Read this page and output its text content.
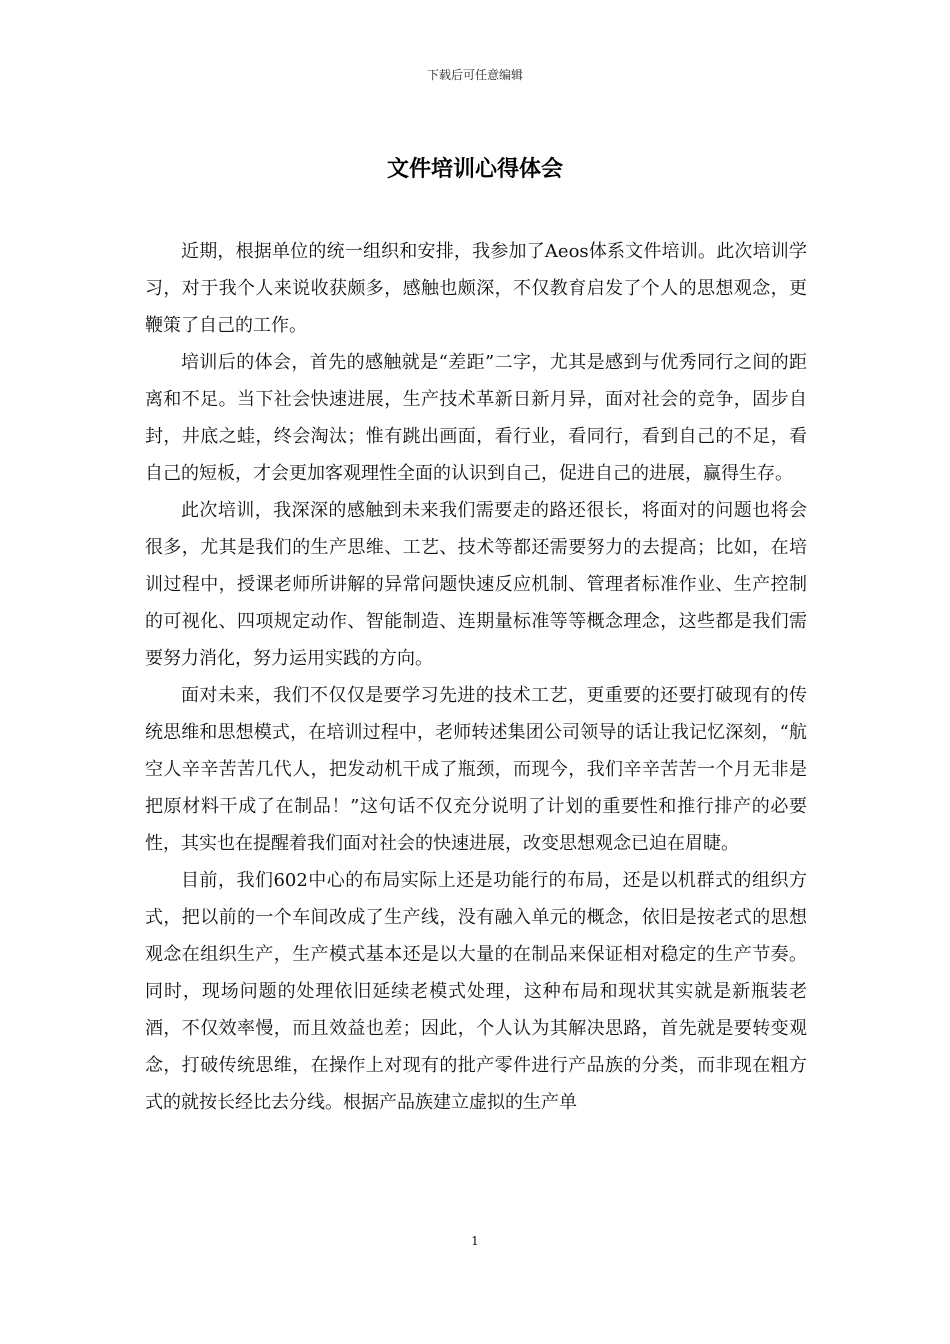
下载后可任意编辑
文件培训心得体会

近期，根据单位的统一组织和安排，我参加了Aeos体系文件培训。此次培训学习，对于我个人来说收获颇多，感触也颇深，不仅教育启发了个人的思想观念，更鞭策了自己的工作。

培训后的体会，首先的感触就是“差距”二字，尤其是感到与优秀同行之间的距离和不足。当下社会快速进展，生产技术革新日新月异，面对社会的竞争，固步自封，井底之蛙，终会淘汰；惟有跳出画面，看行业，看同行，看到自己的不足，看自己的短板，才会更加客观理性全面的认识到自己，促进自己的进展，赢得生存。

此次培训，我深深的感触到未来我们需要走的路还很长，将面对的问题也将会很多，尤其是我们的生产思维、工艺、技术等都还需要努力的去提高；比如，在培训过程中，授课老师所讲解的异常问题快速反应机制、管理者标准作业、生产控制的可视化、四项规定动作、智能制造、连期量标准等等概念理念，这些都是我们需要努力消化，努力运用实践的方向。

面对未来，我们不仅仅是要学习先进的技术工艺，更重要的还要打破现有的传统思维和思想模式，在培训过程中，老师转述集团公司领导的话让我记忆深刻，“航空人辛辛苦苦几代人，把发动机干成了瓶颈，而现今，我们辛辛苦苦一个月无非是把原材料干成了在制品！”这句话不仅充分说明了计划的重要性和推行排产的必要性，其实也在提醒着我们面对社会的快速进展，改变思想观念已迫在眉睫。

目前，我们602中心的布局实际上还是功能行的布局，还是以机群式的组织方式，把以前的一个车间改成了生产线，没有融入单元的概念，依旧是按老式的思想观念在组织生产，生产模式基本还是以大量的在制品来保证相对稳定的生产节奏。同时，现场问题的处理依旧延续老模式处理，这种布局和现状其实就是新瓶装老酒，不仅效率慢，而且效益也差；因此，个人认为其解决思路，首先就是要转变观念，打破传统思维，在操作上对现有的批产零件进行产品族的分类，而非现在粗方式的就按长经比去分线。根据产品族建立虚拟的生产单

1
